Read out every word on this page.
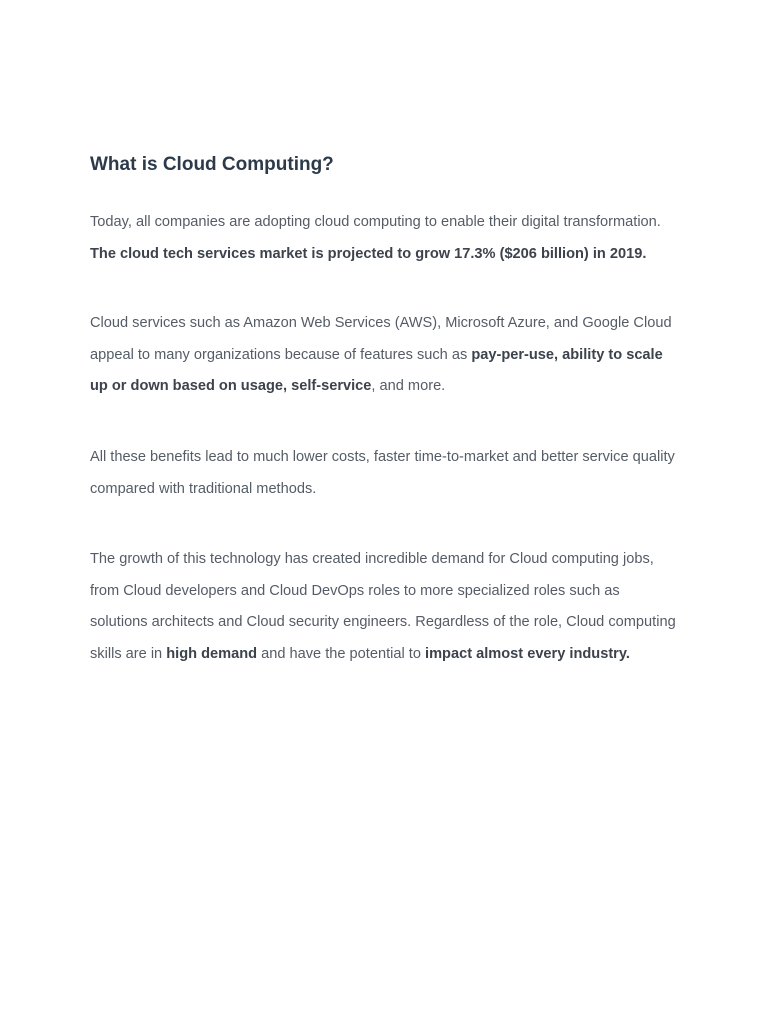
What is Cloud Computing?

Today, all companies are adopting cloud computing to enable their digital transformation. The cloud tech services market is projected to grow 17.3% ($206 billion) in 2019.

Cloud services such as Amazon Web Services (AWS), Microsoft Azure, and Google Cloud appeal to many organizations because of features such as pay-per-use, ability to scale up or down based on usage, self-service, and more.

All these benefits lead to much lower costs, faster time-to-market and better service quality compared with traditional methods.

The growth of this technology has created incredible demand for Cloud computing jobs, from Cloud developers and Cloud DevOps roles to more specialized roles such as solutions architects and Cloud security engineers. Regardless of the role, Cloud computing skills are in high demand and have the potential to impact almost every industry.
